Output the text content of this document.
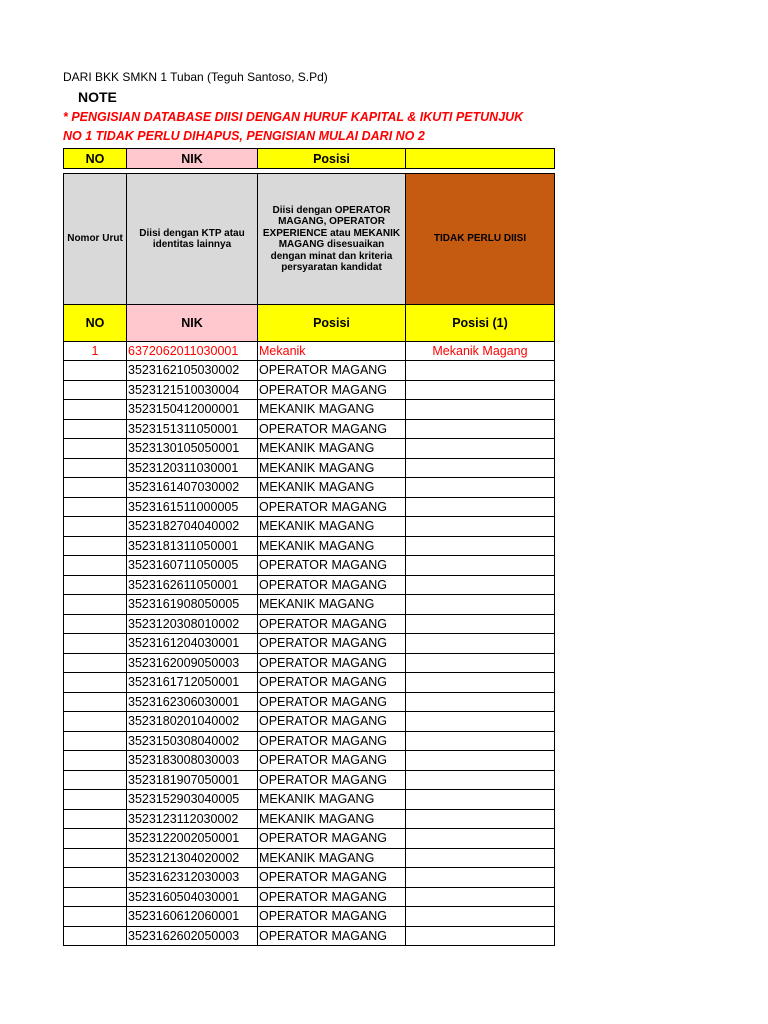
DARI BKK SMKN 1 Tuban (Teguh Santoso, S.Pd)
NOTE
* PENGISIAN DATABASE DIISI DENGAN HURUF KAPITAL & IKUTI PETUNJUK
NO 1 TIDAK PERLU DIHAPUS, PENGISIAN MULAI DARI NO 2
NO	NIK	Posisi	

Nomor Urut	Diisi dengan KTP atau identitas lainnya	Diisi dengan OPERATOR MAGANG, OPERATOR EXPERIENCE atau MEKANIK MAGANG disesuaikan dengan minat dan kriteria persyaratan kandidat	TIDAK PERLU DIISI
NO	NIK	Posisi	Posisi (1)
1	6372062011030001	Mekanik	Mekanik Magang
	3523162105030002	OPERATOR MAGANG	
	3523121510030004	OPERATOR MAGANG	
	3523150412000001	MEKANIK MAGANG	
	3523151311050001	OPERATOR MAGANG	
	3523130105050001	MEKANIK MAGANG	
	3523120311030001	MEKANIK MAGANG	
	3523161407030002	MEKANIK MAGANG	
	3523161511000005	OPERATOR MAGANG	
	3523182704040002	MEKANIK MAGANG	
	3523181311050001	MEKANIK MAGANG	
	3523160711050005	OPERATOR MAGANG	
	3523162611050001	OPERATOR MAGANG	
	3523161908050005	MEKANIK MAGANG	
	3523120308010002	OPERATOR MAGANG	
	3523161204030001	OPERATOR MAGANG	
	3523162009050003	OPERATOR MAGANG	
	3523161712050001	OPERATOR MAGANG	
	3523162306030001	OPERATOR MAGANG	
	3523180201040002	OPERATOR MAGANG	
	3523150308040002	OPERATOR MAGANG	
	3523183008030003	OPERATOR MAGANG	
	3523181907050001	OPERATOR MAGANG	
	3523152903040005	MEKANIK MAGANG	
	3523123112030002	MEKANIK MAGANG	
	3523122002050001	OPERATOR MAGANG	
	3523121304020002	MEKANIK MAGANG	
	3523162312030003	OPERATOR MAGANG	
	3523160504030001	OPERATOR MAGANG	
	3523160612060001	OPERATOR MAGANG	
	3523162602050003	OPERATOR MAGANG	
